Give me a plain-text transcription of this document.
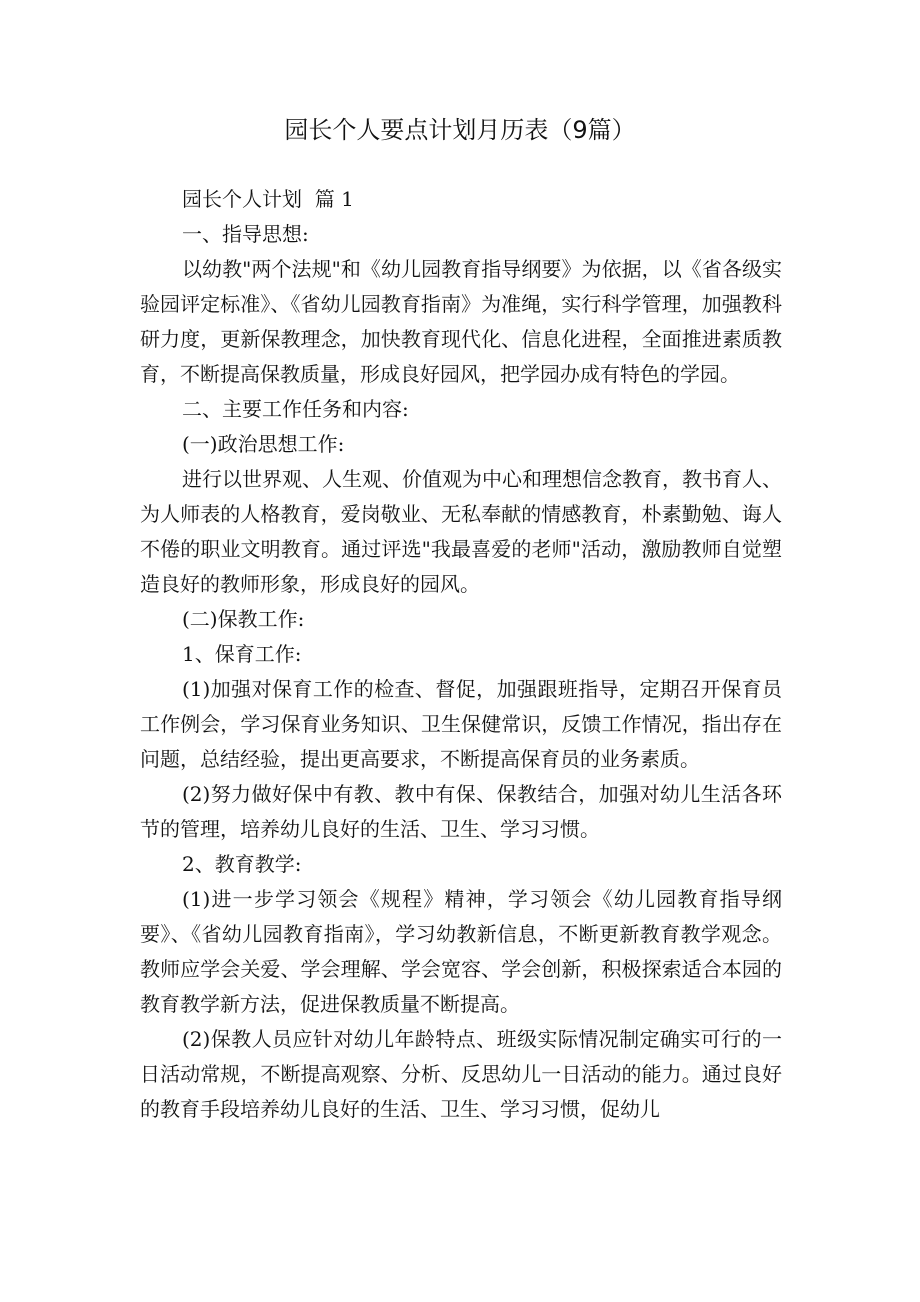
园长个人要点计划月历表（9篇）

园长个人计划  篇 1

一、指导思想:

以幼教"两个法规"和《幼儿园教育指导纲要》为依据，以《省各级实验园评定标准》、《省幼儿园教育指南》为准绳，实行科学管理，加强教科研力度，更新保教理念，加快教育现代化、信息化进程，全面推进素质教育，不断提高保教质量，形成良好园风，把学园办成有特色的学园。

二、主要工作任务和内容:

(一)政治思想工作:

进行以世界观、人生观、价值观为中心和理想信念教育，教书育人、为人师表的人格教育，爱岗敬业、无私奉献的情感教育，朴素勤勉、诲人不倦的职业文明教育。通过评选"我最喜爱的老师"活动，激励教师自觉塑造良好的教师形象，形成良好的园风。

(二)保教工作:

1、保育工作:

(1)加强对保育工作的检查、督促，加强跟班指导，定期召开保育员工作例会，学习保育业务知识、卫生保健常识，反馈工作情况，指出存在问题，总结经验，提出更高要求，不断提高保育员的业务素质。

(2)努力做好保中有教、教中有保、保教结合，加强对幼儿生活各环节的管理，培养幼儿良好的生活、卫生、学习习惯。

2、教育教学:

(1)进一步学习领会《规程》精神，学习领会《幼儿园教育指导纲要》、《省幼儿园教育指南》，学习幼教新信息，不断更新教育教学观念。教师应学会关爱、学会理解、学会宽容、学会创新，积极探索适合本园的教育教学新方法，促进保教质量不断提高。

(2)保教人员应针对幼儿年龄特点、班级实际情况制定确实可行的一日活动常规，不断提高观察、分析、反思幼儿一日活动的能力。通过良好的教育手段培养幼儿良好的生活、卫生、学习习惯，促幼儿
